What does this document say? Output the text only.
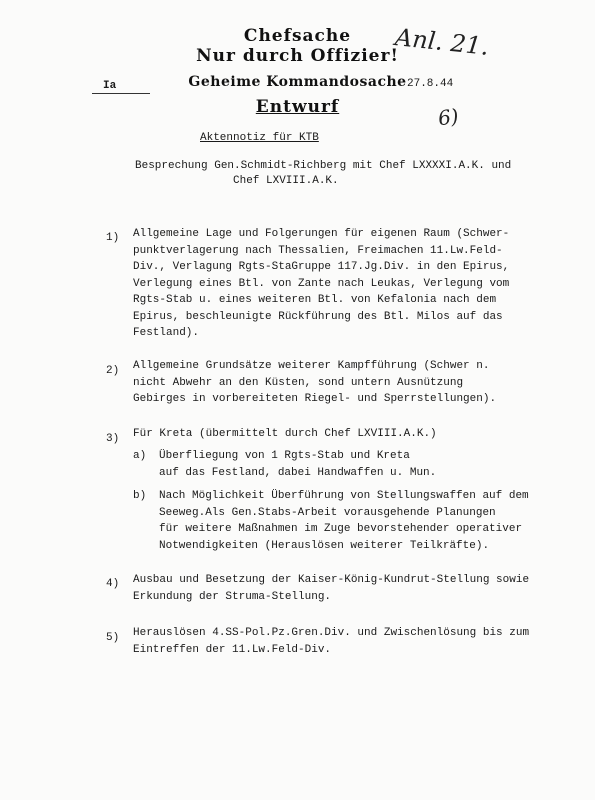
Chefsache
Nur durch Offizier!
Geheime Kommandosache
Entwurf
Anl. 21.
6)
Ia	27.8.44
Aktennotiz für KTB
Besprechung Gen.Schmidt-Richberg mit Chef LXXXXI.A.K. und
Chef LXVIII.A.K.
1) Allgemeine Lage und Folgerungen für eigenen Raum (Schwer-
punktverlagerung nach Thessalien, Freimachen 11.Lw.Feld-
Div., Verlagung Rgts-StaGruppe 117.Jg.Div. in den Epirus,
Verlegung eines Btl. von Zante nach Leukas, Verlegung vom
Rgts-Stab u. eines weiteren Btl. von Kefalonia nach dem
Epirus, beschleunigte Rückführung des Btl. Milos auf das
Festland).
2) Allgemeine Grundsätze weiterer Kampfführung (Schwer n.
nicht Abwehr an den Küsten, sond untern Ausnützung
Gebirges in vorbereiteten Riegel- und Sperrstellungen).
3) Für Kreta (übermittelt durch Chef LXVIII.A.K.)
a) Überfliegung von 1 Rgts-Stab und Kreta
auf das Festland, dabei Handwaffen u. Mun.
b) Nach Möglichkeit Überführung von Stellungswaffen auf dem
Seeweg.Als Gen.Stabs-Arbeit vorausgehende Planungen
für weitere Maßnahmen im Zuge bevorstehender operativer
Notwendigkeiten (Herauslösen weiterer Teilkräfte).
4) Ausbau und Besetzung der Kaiser-König-Kundrut-Stellung sowie
Erkundung der Struma-Stellung.
5) Herauslösen 4.SS-Pol.Pz.Gren.Div. und Zwischenlösung bis zum
Eintreffen der 11.Lw.Feld-Div.
